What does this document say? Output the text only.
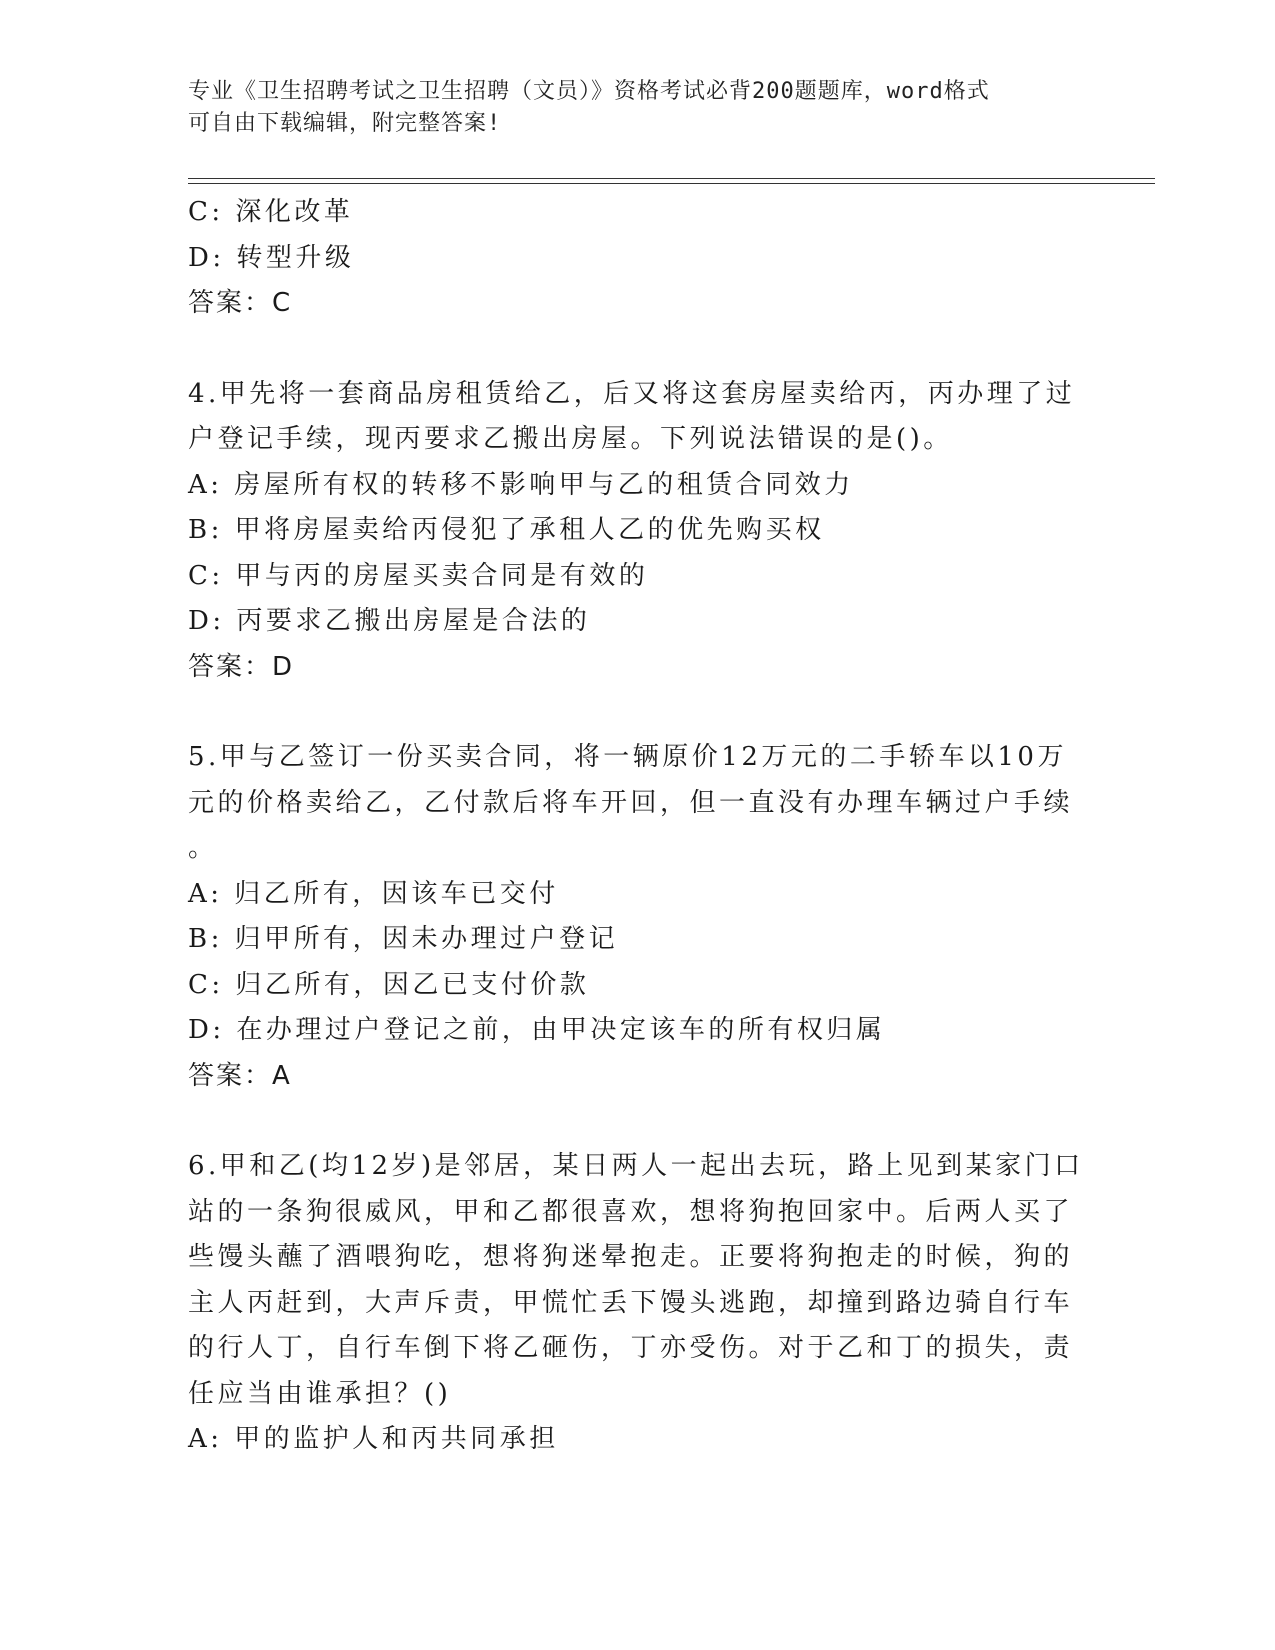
专业《卫生招聘考试之卫生招聘（文员）》资格考试必背200题题库，word格式
可自由下载编辑，附完整答案!
C: 深化改革
D: 转型升级
答案：C
4.甲先将一套商品房租赁给乙，后又将这套房屋卖给丙，丙办理了过
户登记手续，现丙要求乙搬出房屋。下列说法错误的是()。
A: 房屋所有权的转移不影响甲与乙的租赁合同效力
B: 甲将房屋卖给丙侵犯了承租人乙的优先购买权
C: 甲与丙的房屋买卖合同是有效的
D: 丙要求乙搬出房屋是合法的
答案：D
5.甲与乙签订一份买卖合同，将一辆原价12万元的二手轿车以10万
元的价格卖给乙，乙付款后将车开回，但一直没有办理车辆过户手续
。
A: 归乙所有，因该车已交付
B: 归甲所有，因未办理过户登记
C: 归乙所有，因乙已支付价款
D: 在办理过户登记之前，由甲决定该车的所有权归属
答案：A
6.甲和乙(均12岁)是邻居，某日两人一起出去玩，路上见到某家门口
站的一条狗很威风，甲和乙都很喜欢，想将狗抱回家中。后两人买了
些馒头蘸了酒喂狗吃，想将狗迷晕抱走。正要将狗抱走的时候，狗的
主人丙赶到，大声斥责，甲慌忙丢下馒头逃跑，却撞到路边骑自行车
的行人丁，自行车倒下将乙砸伤，丁亦受伤。对于乙和丁的损失，责
任应当由谁承担？()
A: 甲的监护人和丙共同承担
